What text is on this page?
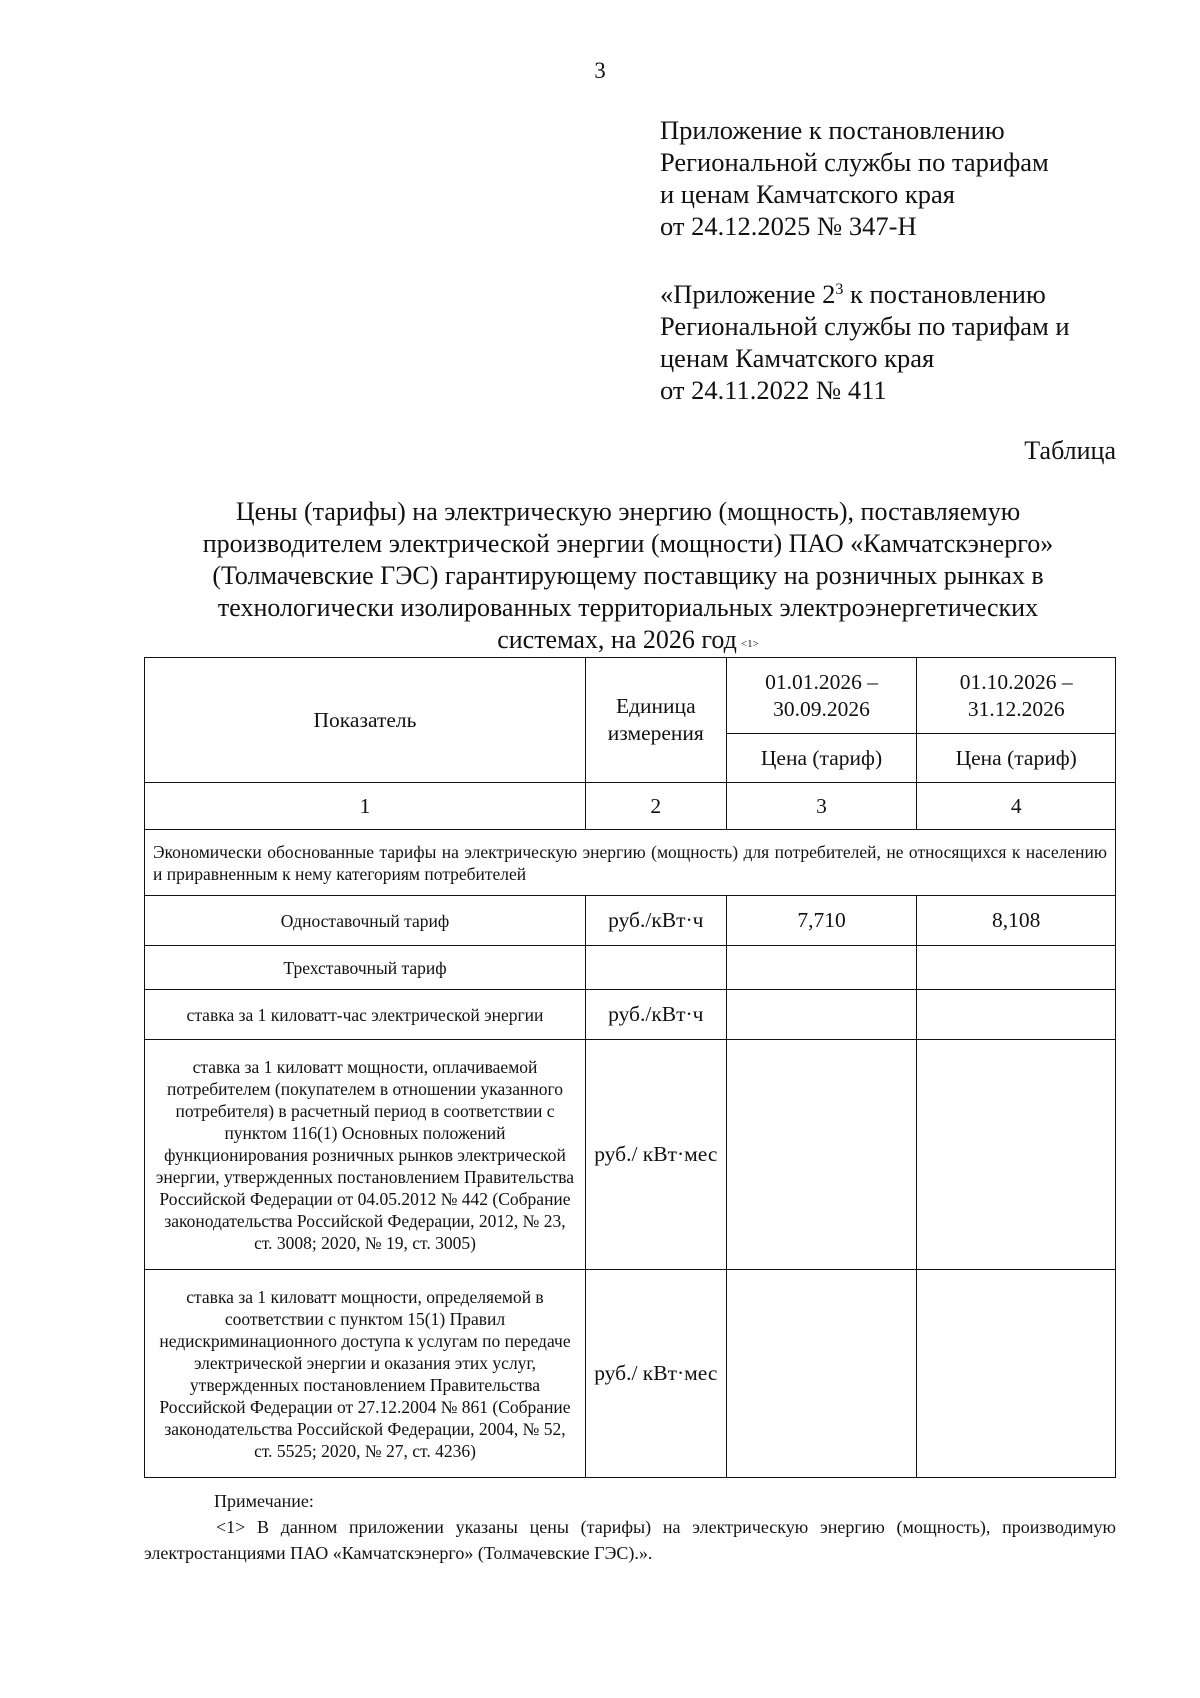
3
Приложение к постановлению
Региональной службы по тарифам
и ценам Камчатского края
от 24.12.2025 № 347-Н
«Приложение $2^3$ к постановлению
Региональной службы по тарифам и
ценам Камчатского края
от 24.11.2022 № 411
Таблица
Цены (тарифы) на электрическую энергию (мощность), поставляемую
производителем электрической энергии (мощности) ПАО «Камчатскэнерго»
(Толмачевские ГЭС) гарантирующему поставщику на розничных рынках в
технологически изолированных территориальных электроэнергетических
системах, на 2026 год $^{<1>}$
Показатель	Единица измерения	01.01.2026 – 30.09.2026	01.10.2026 – 31.12.2026
		Цена (тариф)	Цена (тариф)
1	2	3	4
Экономически обоснованные тарифы на электрическую энергию (мощность) для потребителей, не относящихся к населению и приравненным к нему категориям потребителей			
Одноставочный тариф	руб./кВт·ч	7,710	8,108
Трехставочный тариф			
ставка за 1 киловатт-час электрической энергии	руб./кВт·ч		
ставка за 1 киловатт мощности, оплачиваемой потребителем (покупателем в отношении указанного потребителя) в расчетный период в соответствии с пунктом 116(1) Основных положений функционирования розничных рынков электрической энергии, утвержденных постановлением Правительства Российской Федерации от 04.05.2012 № 442 (Собрание законодательства Российской Федерации, 2012, № 23, ст. 3008; 2020, № 19, ст. 3005)	руб./ кВт·мес		
ставка за 1 киловатт мощности, определяемой в соответствии с пунктом 15(1) Правил недискриминационного доступа к услугам по передаче электрической энергии и оказания этих услуг, утвержденных постановлением Правительства Российской Федерации от 27.12.2004 № 861 (Собрание законодательства Российской Федерации, 2004, № 52, ст. 5525; 2020, № 27, ст. 4236)	руб./ кВт·мес		
Примечание:
<1> В данном приложении указаны цены (тарифы) на электрическую энергию (мощность), производимую электростанциями ПАО «Камчатскэнерго» (Толмачевские ГЭС).».
